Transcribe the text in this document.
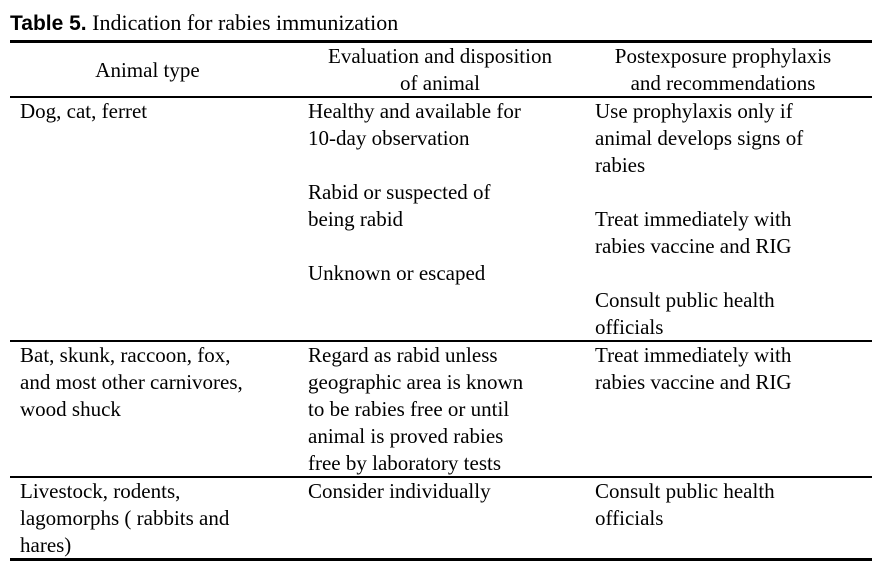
Table 5. Indication for rabies immunization
Animal type
Evaluation and disposition
of animal
Postexposure prophylaxis
and recommendations
Dog, cat, ferret	Healthy and available for
10-day observation
Rabid or suspected of
being rabid
Unknown or escaped
Use prophylaxis only if
animal develops signs of
rabies
Treat immediately with
rabies vaccine and RIG
Consult public health
officials
Bat, skunk, raccoon, fox,
and most other carnivores,
wood shuck
Regard as rabid unless
geographic area is known
to be rabies free or until
animal is proved rabies
free by laboratory tests
Treat immediately with
rabies vaccine and RIG
Livestock, rodents,
lagomorphs ( rabbits and
hares)
Consider individually	Consult public health
officials
